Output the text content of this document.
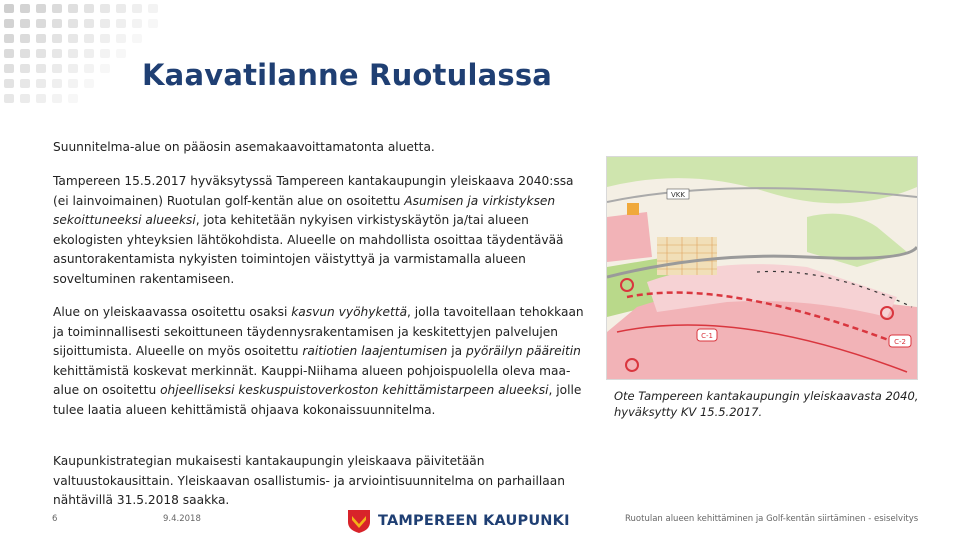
Kaavatilanne Ruotulassa
Suunnitelma-alue on pääosin asemakaavoittamatonta aluetta.
Tampereen 15.5.2017 hyväksytyssä Tampereen kantakaupungin yleiskaava 2040:ssa (ei lainvoimainen) Ruotulan golf-kentän alue on osoitettu Asumisen ja virkistyksen sekoittuneeksi alueeksi, jota kehitetään nykyisen virkistyskäytön ja/tai alueen ekologisten yhteyksien lähtökohdista. Alueelle on mahdollista osoittaa täydentävää asuntorakentamista nykyisten toimintojen väistyttyä ja varmistamalla alueen soveltuminen rakentamiseen.
Alue on yleiskaavassa osoitettu osaksi kasvun vyöhykettä, jolla tavoitellaan tehokkaan ja toiminnallisesti sekoittuneen täydennysrakentamisen ja keskitettyjen palvelujen sijoittumista. Alueelle on myös osoitettu raitiotien laajentumisen ja pyöräilyn pääreitin kehittämistä koskevat merkinnät. Kauppi-Niihama alueen pohjoispuolella oleva maa-alue on osoitettu ohjeelliseksi keskuspuistoverkoston kehittämistarpeen alueeksi, jolle tulee laatia alueen kehittämistä ohjaava kokonaissuunnitelma.
Kaupunkistrategian mukaisesti kantakaupungin yleiskaava päivitetään valtuustokausittain. Yleiskaavan osallistumis- ja arviointisuunnitelma on parhaillaan nähtävillä 31.5.2018 saakka.
VKK
C-1
C-2
Ote Tampereen kantakaupungin yleiskaavasta 2040, hyväksytty KV 15.5.2017.
6	9.4.2018	TAMPEREEN KAUPUNKI	Ruotulan alueen kehittäminen ja Golf-kentän siirtäminen - esiselvitys
